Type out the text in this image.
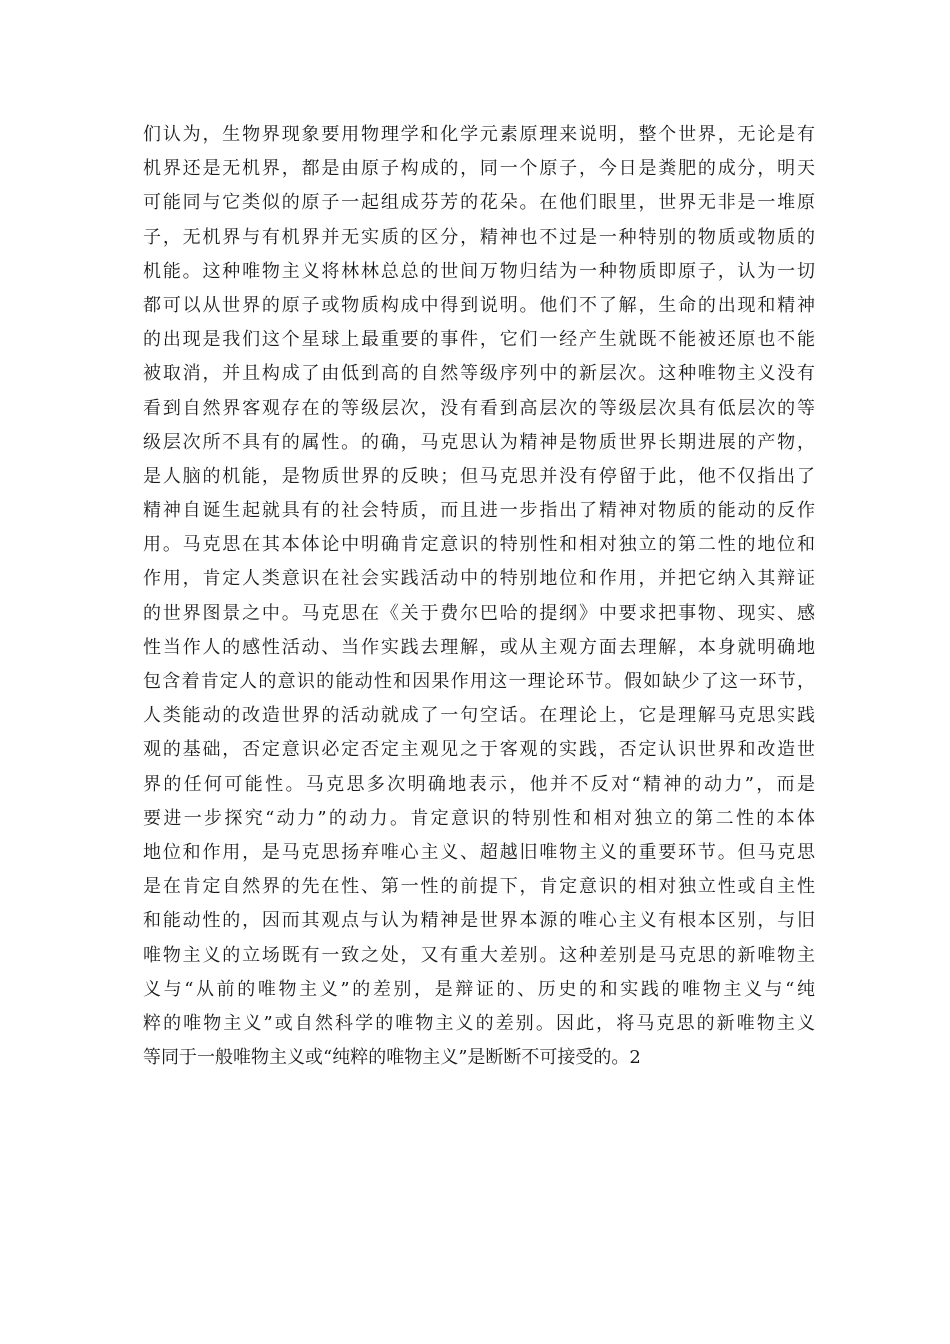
们认为，生物界现象要用物理学和化学元素原理来说明，整个世界，无论是有
机界还是无机界，都是由原子构成的，同一个原子，今日是粪肥的成分，明天
可能同与它类似的原子一起组成芬芳的花朵。在他们眼里，世界无非是一堆原
子，无机界与有机界并无实质的区分，精神也不过是一种特别的物质或物质的
机能。这种唯物主义将林林总总的世间万物归结为一种物质即原子，认为一切
都可以从世界的原子或物质构成中得到说明。他们不了解，生命的出现和精神
的出现是我们这个星球上最重要的事件，它们一经产生就既不能被还原也不能
被取消，并且构成了由低到高的自然等级序列中的新层次。这种唯物主义没有
看到自然界客观存在的等级层次，没有看到高层次的等级层次具有低层次的等
级层次所不具有的属性。的确，马克思认为精神是物质世界长期进展的产物，
是人脑的机能，是物质世界的反映；但马克思并没有停留于此，他不仅指出了
精神自诞生起就具有的社会特质，而且进一步指出了精神对物质的能动的反作
用。马克思在其本体论中明确肯定意识的特别性和相对独立的第二性的地位和
作用，肯定人类意识在社会实践活动中的特别地位和作用，并把它纳入其辩证
的世界图景之中。马克思在《关于费尔巴哈的提纲》中要求把事物、现实、感
性当作人的感性活动、当作实践去理解，或从主观方面去理解，本身就明确地
包含着肯定人的意识的能动性和因果作用这一理论环节。假如缺少了这一环节，
人类能动的改造世界的活动就成了一句空话。在理论上，它是理解马克思实践
观的基础，否定意识必定否定主观见之于客观的实践，否定认识世界和改造世
界的任何可能性。马克思多次明确地表示，他并不反对“精神的动力”，而是
要进一步探究“动力”的动力。肯定意识的特别性和相对独立的第二性的本体
地位和作用，是马克思扬弃唯心主义、超越旧唯物主义的重要环节。但马克思
是在肯定自然界的先在性、第一性的前提下，肯定意识的相对独立性或自主性
和能动性的，因而其观点与认为精神是世界本源的唯心主义有根本区别，与旧
唯物主义的立场既有一致之处，又有重大差别。这种差别是马克思的新唯物主
义与“从前的唯物主义”的差别，是辩证的、历史的和实践的唯物主义与“纯
粹的唯物主义”或自然科学的唯物主义的差别。因此，将马克思的新唯物主义
等同于一般唯物主义或“纯粹的唯物主义”是断断不可接受的。2
